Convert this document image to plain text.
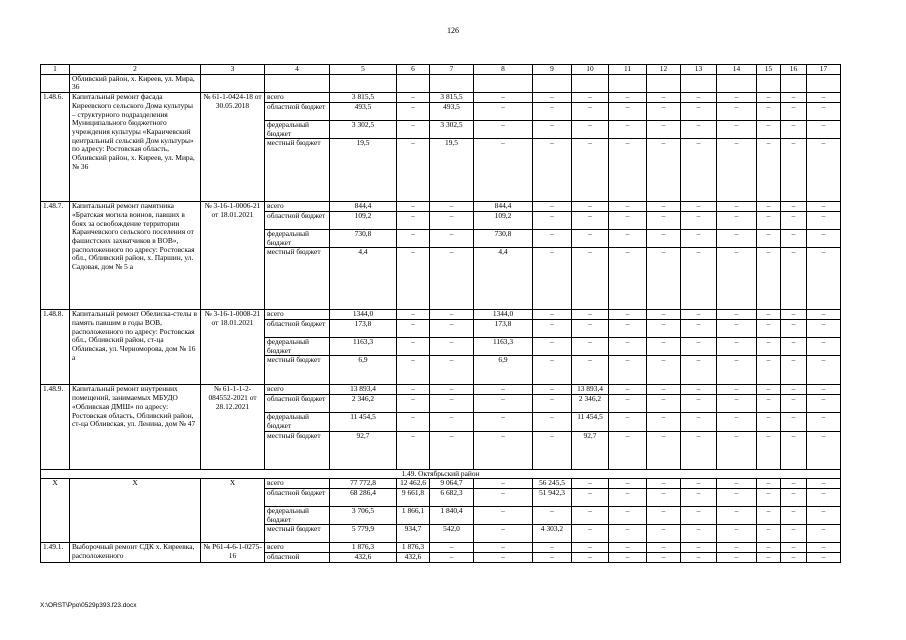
126
1	2	3	4	5	6	7	8	9	10	11	12	13	14	15	16	17
	Обливский район, х. Киреев, ул. Мира, 36															
1.48.6.	Капитальный ремонт фасада Киреевского сельского Дома культуры – структурного подразделения Муниципального бюджетного учреждения культуры «Караичевский центральный сельский Дом культуры» по адресу: Ростовская область, Обливский район, х. Киреев, ул. Мира, № 36	№ 61-1-0424-18 от 30.05.2018	всего	3 815,5	–	3 815,5	–	–	–	–	–	–	–	–	–	–
			областной бюджет	493,5	–	493,5	–	–	–	–	–	–	–	–	–	–
			федеральный бюджет	3 302,5	–	3 302,5	–	–	–	–	–	–	–	–	–	–
			местный бюджет	19,5	–	19,5	–	–	–	–	–	–	–	–	–	–
1.48.7.	Капитальный ремонт памятника «Братская могила воинов, павших в боях за освобождение территории Караичевского сельского поселения от фашистских захватчиков в ВОВ», расположенного по адресу: Ростовская обл., Обливский район, х. Паршин, ул. Садовая, дом № 5 а	№ 3-16-1-0006-21 от 18.01.2021	всего	844,4	–	–	844,4	–	–	–	–	–	–	–	–	–
			областной бюджет	109,2	–	–	109,2	–	–	–	–	–	–	–	–	–
			федеральный бюджет	730,8	–	–	730,8	–	–	–	–	–	–	–	–	–
			местный бюджет	4,4	–	–	4,4	–	–	–	–	–	–	–	–	–
1.48.8.	Капитальный ремонт Обелиска-стелы в память павшим в годы ВОВ, расположенного по адресу: Ростовская обл., Обливский район, ст-ца Обливская, ул. Черноморова, дом № 16 а	№ 3-16-1-0008-21 от 18.01.2021	всего	1344,0	–	–	1344,0	–	–	–	–	–	–	–	–	–
			областной бюджет	173,8	–	–	173,8	–	–	–	–	–	–	–	–	–
			федеральный бюджет	1163,3	–	–	1163,3	–	–	–	–	–	–	–	–	–
			местный бюджет	6,9	–	–	6,9	–	–	–	–	–	–	–	–	–
1.48.9.	Капитальный ремонт внутренних помещений, занимаемых МБУДО «Обливская ДМШ» по адресу: Ростовская область, Обливский район, ст-ца Обливская, ул. Ленина, дом № 47	№ 61-1-1-2-084552-2021 от 28.12.2021	всего	13 893,4	–	–	–	–	13 893,4	–	–	–	–	–	–	–
			областной бюджет	2 346,2	–	–	–	–	2 346,2	–	–	–	–	–	–	–
			федеральный бюджет	11 454,5	–	–	–	–	11 454,5	–	–	–	–	–	–	–
			местный бюджет	92,7	–	–	–	–	92,7	–	–	–	–	–	–	–
1.49. Октябрьский район																
Х	Х	Х	всего	77 772,8	12 462,6	9 064,7	–	56 245,5	–	–	–	–	–	–	–	–
			областной бюджет	68 286,4	9 661,8	6 682,3	–	51 942,3	–	–	–	–	–	–	–	–
			федеральный бюджет	3 706,5	1 866,1	1 840,4	–	–	–	–	–	–	–	–	–	–
			местный бюджет	5 779,9	934,7	542,0	–	4 303,2	–	–	–	–	–	–	–	–
1.49.1.	Выборочный ремонт СДК х. Киреевка, расположенного	№ Р61-4-6-1-0275-16	всего	1 876,3	1 876,3	–	–	–	–	–	–	–	–	–	–	–
			областной	432,6	432,6	–	–	–	–	–	–	–	–	–	–	–
X:\ORST\Ppo\0529p393.f23.docx
